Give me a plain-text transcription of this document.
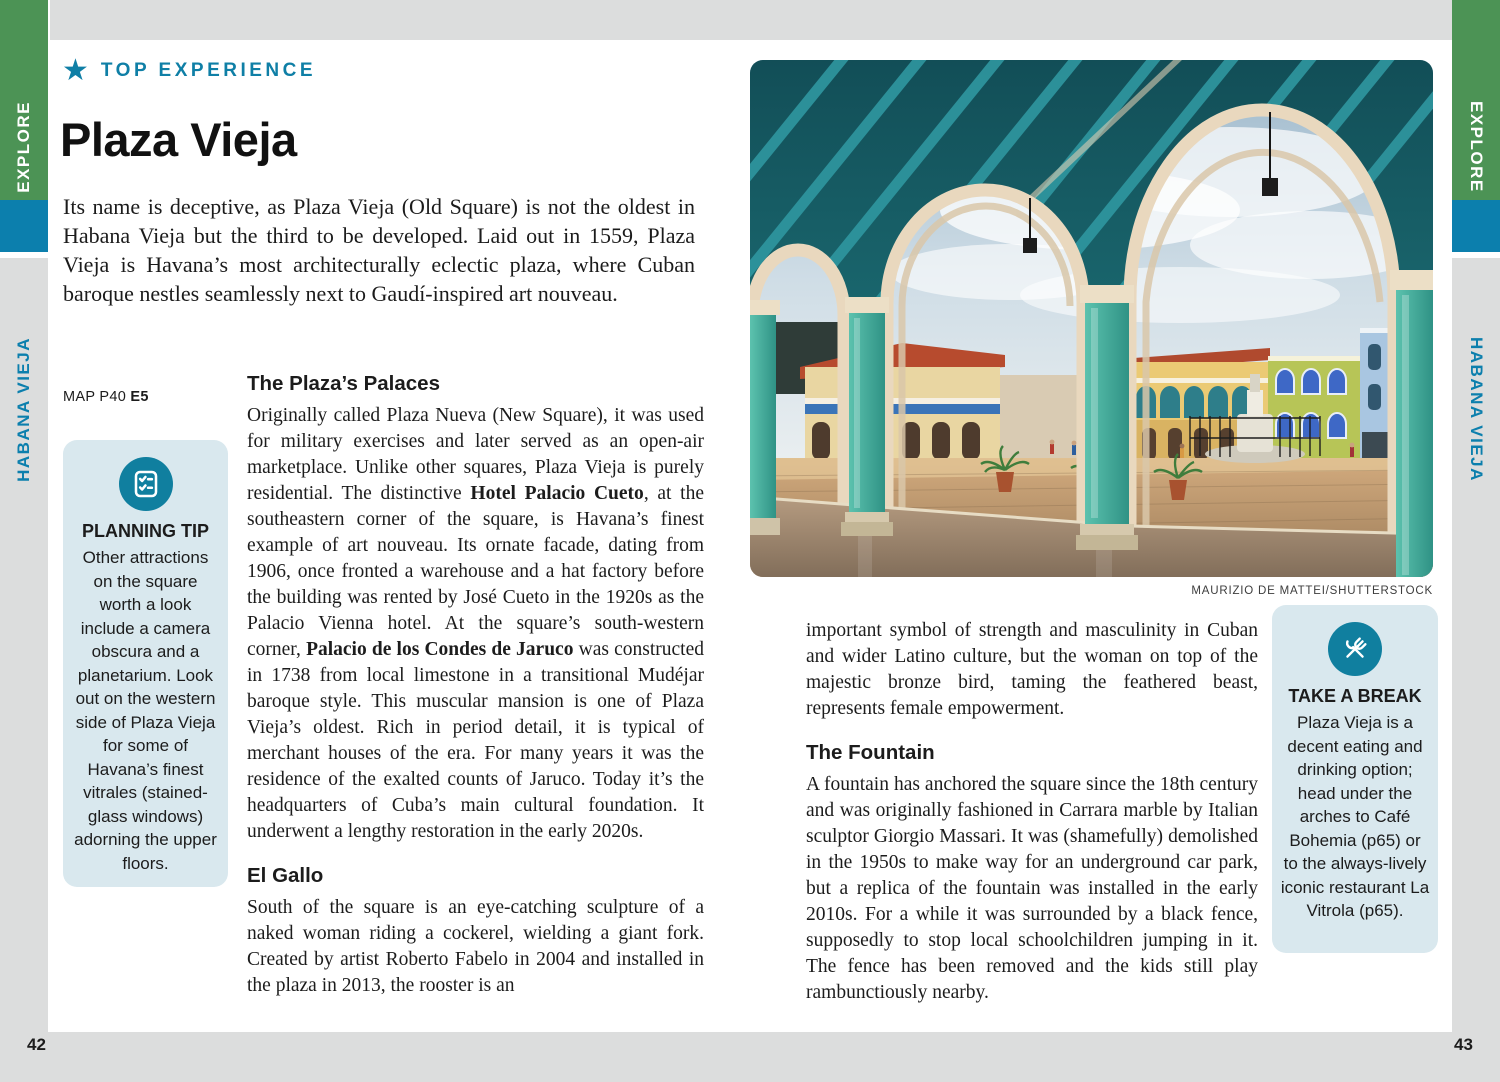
EXPLORE
HABANA VIEJA
EXPLORE
HABANA VIEJA
42	43
★ TOP EXPERIENCE
Plaza Vieja
Its name is deceptive, as Plaza Vieja (Old Square) is not the oldest in Habana Vieja but the third to be developed. Laid out in 1559, Plaza Vieja is Havana’s most architecturally eclectic plaza, where Cuban baroque nestles seamlessly next to Gaudí-inspired art nouveau.
MAP P40 E5
PLANNING TIP
Other attractions on the square worth a look include a camera obscura and a planetarium. Look out on the western side of Plaza Vieja for some of Havana’s finest vitrales (stained-glass windows) adorning the upper floors.
The Plaza’s Palaces

Originally called Plaza Nueva (New Square), it was used for military exercises and later served as an open-air marketplace. Unlike other squares, Plaza Vieja is purely residential. The distinctive Hotel Palacio Cueto, at the southeastern corner of the square, is Havana’s finest example of art nouveau. Its ornate facade, dating from 1906, once fronted a warehouse and a hat factory before the building was rented by José Cueto in the 1920s as the Palacio Vienna hotel. At the square’s south-western corner, Palacio de los Condes de Jaruco was constructed in 1738 from local limestone in a transitional Mudéjar baroque style. This muscular mansion is one of Plaza Vieja’s oldest. Rich in period detail, it is typical of merchant houses of the era. For many years it was the residence of the exalted counts of Jaruco. Today it’s the headquarters of Cuba’s main cultural foundation. It underwent a lengthy restoration in the early 2020s.

El Gallo

South of the square is an eye-catching sculpture of a naked woman riding a cockerel, wielding a giant fork. Created by artist Roberto Fabelo in 2004 and installed in the plaza in 2013, the rooster is an

MAURIZIO DE MATTEI/SHUTTERSTOCK

important symbol of strength and masculinity in Cuban and wider Latino culture, but the woman on top of the majestic bronze bird, taming the feathered beast, represents female empowerment.

The Fountain

A fountain has anchored the square since the 18th century and was originally fashioned in Carrara marble by Italian sculptor Giorgio Massari. It was (shamefully) demolished in the 1950s to make way for an underground car park, but a replica of the fountain was installed in the early 2010s. For a while it was surrounded by a black fence, supposedly to stop local schoolchildren jumping in it. The fence has been removed and the kids still play rambunctiously nearby.

TAKE A BREAK
Plaza Vieja is a decent eating and drinking option; head under the arches to Café Bohemia (p65) or to the always-lively iconic restaurant La Vitrola (p65).
